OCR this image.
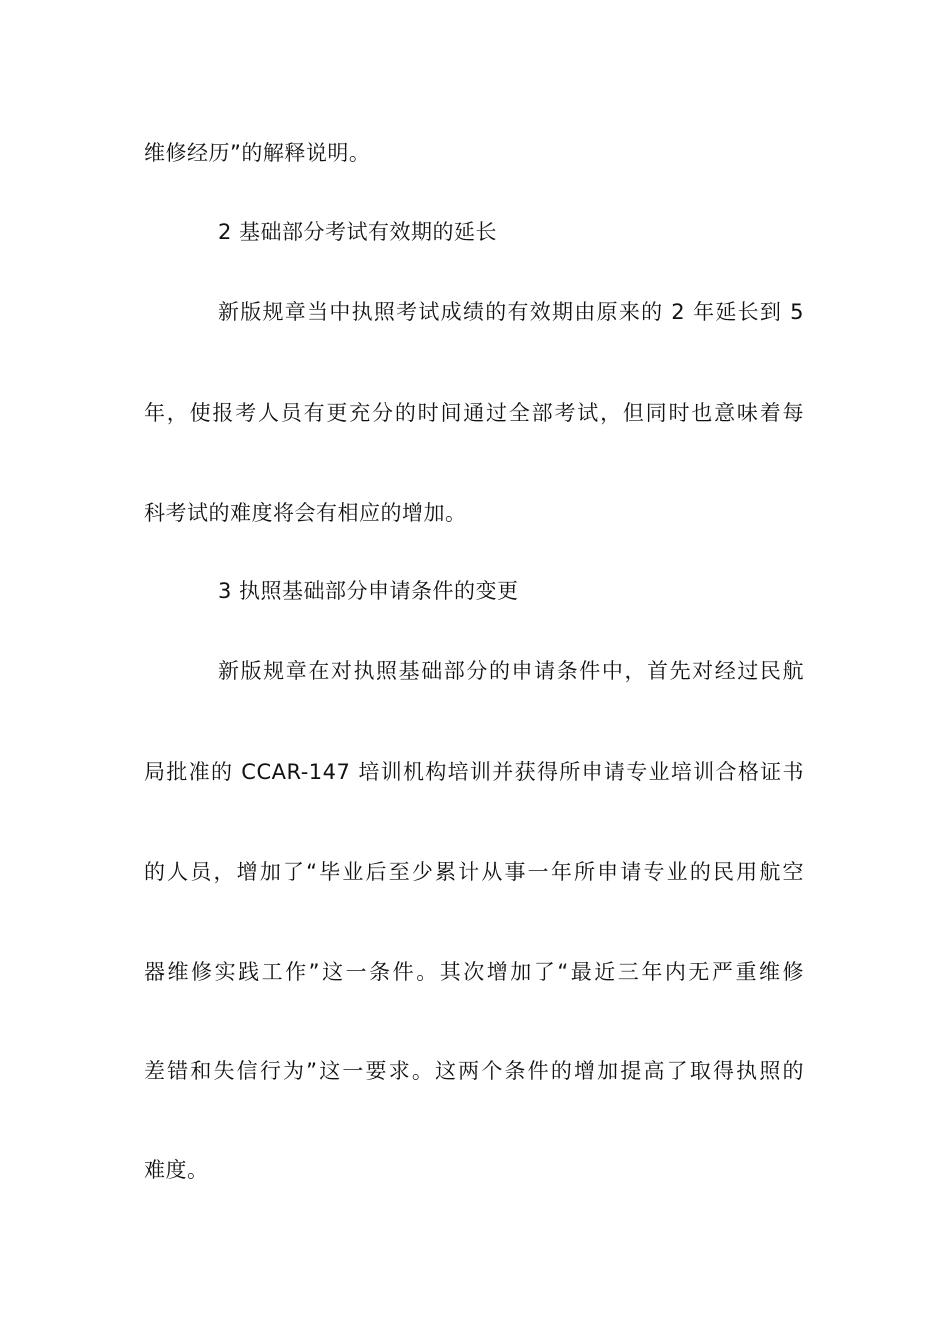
维修经历”的解释说明。
2 基础部分考试有效期的延长
新版规章当中执照考试成绩的有效期由原来的 2 年延长到 5
年，使报考人员有更充分的时间通过全部考试，但同时也意味着每
科考试的难度将会有相应的增加。
3 执照基础部分申请条件的变更
新版规章在对执照基础部分的申请条件中，首先对经过民航
局批准的 CCAR-147 培训机构培训并获得所申请专业培训合格证书
的人员，增加了“毕业后至少累计从事一年所申请专业的民用航空
器维修实践工作”这一条件。其次增加了“最近三年内无严重维修
差错和失信行为”这一要求。这两个条件的增加提高了取得执照的
难度。
